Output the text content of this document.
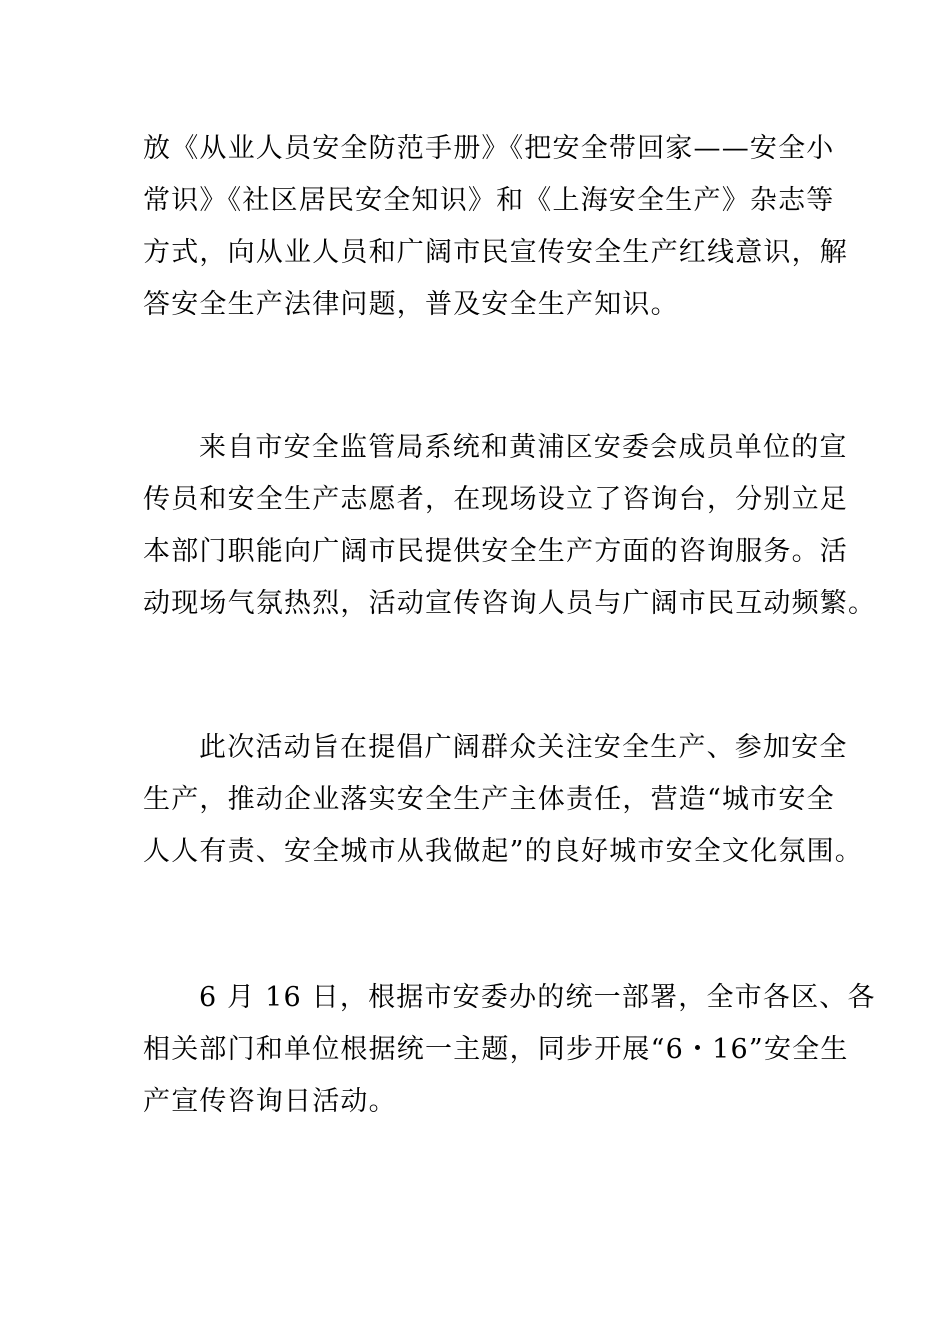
放《从业人员安全防范手册》《把安全带回家——安全小
常识》《社区居民安全知识》和《上海安全生产》杂志等
方式，向从业人员和广阔市民宣传安全生产红线意识，解
答安全生产法律问题，普及安全生产知识。
来自市安全监管局系统和黄浦区安委会成员单位的宣
传员和安全生产志愿者，在现场设立了咨询台，分别立足
本部门职能向广阔市民提供安全生产方面的咨询服务。活
动现场气氛热烈，活动宣传咨询人员与广阔市民互动频繁。
此次活动旨在提倡广阔群众关注安全生产、参加安全
生产，推动企业落实安全生产主体责任，营造“城市安全
人人有责、安全城市从我做起”的良好城市安全文化氛围。
6 月 16 日，根据市安委办的统一部署，全市各区、各
相关部门和单位根据统一主题，同步开展“6・16”安全生
产宣传咨询日活动。
